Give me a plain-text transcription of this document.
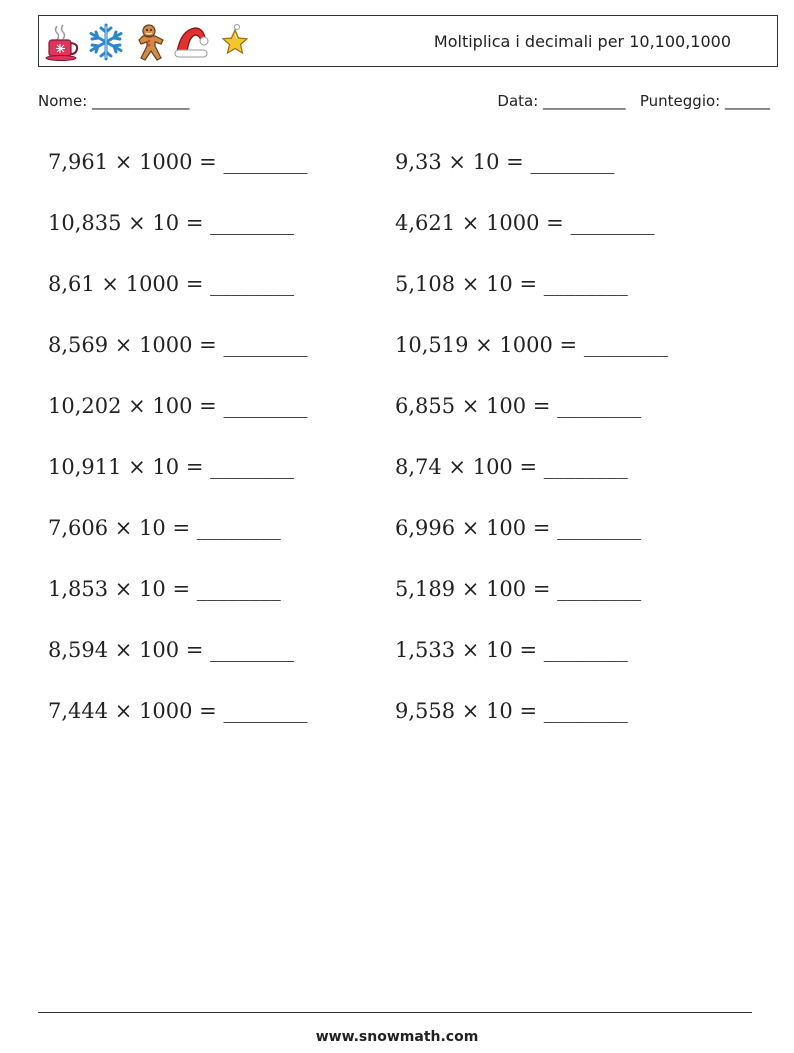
Moltiplica i decimali per 10,100,1000
Nome: _____________	Data: ___________ Punteggio: ______
7,961 × 1000 = ________	9,33 × 10 = ________
10,835 × 10 = ________	4,621 × 1000 = ________
8,61 × 1000 = ________	5,108 × 10 = ________
8,569 × 1000 = ________	10,519 × 1000 = ________
10,202 × 100 = ________	6,855 × 100 = ________
10,911 × 10 = ________	8,74 × 100 = ________
7,606 × 10 = ________	6,996 × 100 = ________
1,853 × 10 = ________	5,189 × 100 = ________
8,594 × 100 = ________	1,533 × 10 = ________
7,444 × 1000 = ________	9,558 × 10 = ________
www.snowmath.com
